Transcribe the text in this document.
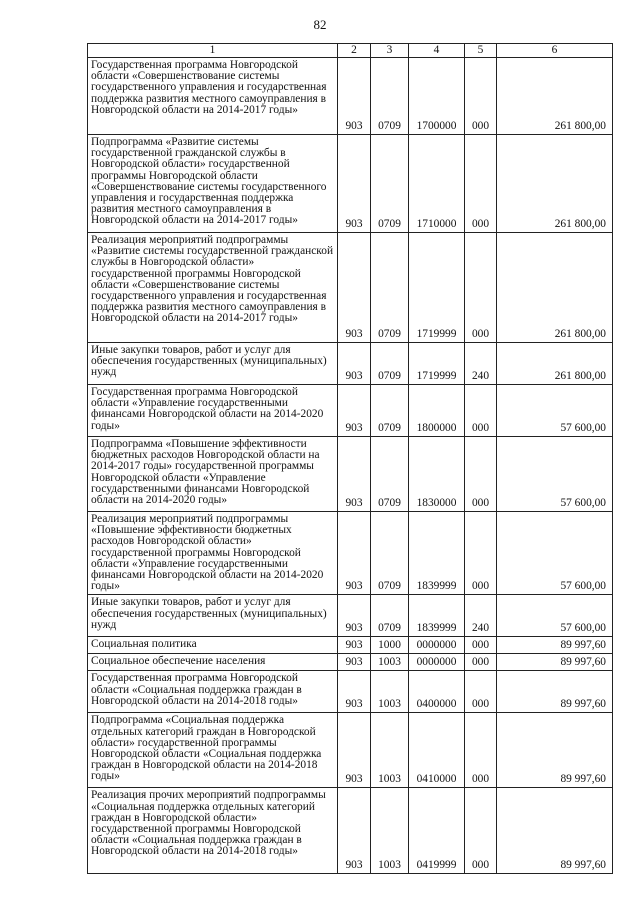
82
1	2	3	4	5	6
Государственная программа Новгородской области «Совершенствование системы государственного управления и государственная поддержка развития местного самоуправления в Новгородской области на 2014-2017 годы»	903	0709	1700000	000	261 800,00
Подпрограмма «Развитие системы государственной гражданской службы в Новгородской области» государственной программы Новгородской области «Совершенствование системы государственного управления и государственная поддержка развития местного самоуправления в Новгородской области на 2014-2017 годы»	903	0709	1710000	000	261 800,00
Реализация мероприятий подпрограммы «Развитие системы государственной гражданской службы в Новгородской области» государственной программы Новгородской области «Совершенствование системы государственного управления и государственная поддержка развития местного самоуправления в Новгородской области на 2014-2017 годы»	903	0709	1719999	000	261 800,00
Иные закупки товаров, работ и услуг для обеспечения государственных (муниципальных) нужд	903	0709	1719999	240	261 800,00
Государственная программа Новгородской области «Управление государственными финансами Новгородской области на 2014-2020 годы»	903	0709	1800000	000	57 600,00
Подпрограмма «Повышение эффективности бюджетных расходов Новгородской области на 2014-2017 годы» государственной программы Новгородской области «Управление государственными финансами Новгородской области на 2014-2020 годы»	903	0709	1830000	000	57 600,00
Реализация мероприятий подпрограммы «Повышение эффективности бюджетных расходов Новгородской области» государственной программы Новгородской области «Управление государственными финансами Новгородской области на 2014-2020 годы»	903	0709	1839999	000	57 600,00
Иные закупки товаров, работ и услуг для обеспечения государственных (муниципальных) нужд	903	0709	1839999	240	57 600,00
Социальная политика	903	1000	0000000	000	89 997,60
Социальное обеспечение населения	903	1003	0000000	000	89 997,60
Государственная программа Новгородской области «Социальная поддержка граждан в Новгородской области на 2014-2018 годы»	903	1003	0400000	000	89 997,60
Подпрограмма «Социальная поддержка отдельных категорий граждан в Новгородской области» государственной программы Новгородской области «Социальная поддержка граждан в Новгородской области на 2014-2018 годы»	903	1003	0410000	000	89 997,60
Реализация прочих мероприятий подпрограммы «Социальная поддержка отдельных категорий граждан в Новгородской области» государственной программы Новгородской области «Социальная поддержка граждан в Новгородской области на 2014-2018 годы»	903	1003	0419999	000	89 997,60
